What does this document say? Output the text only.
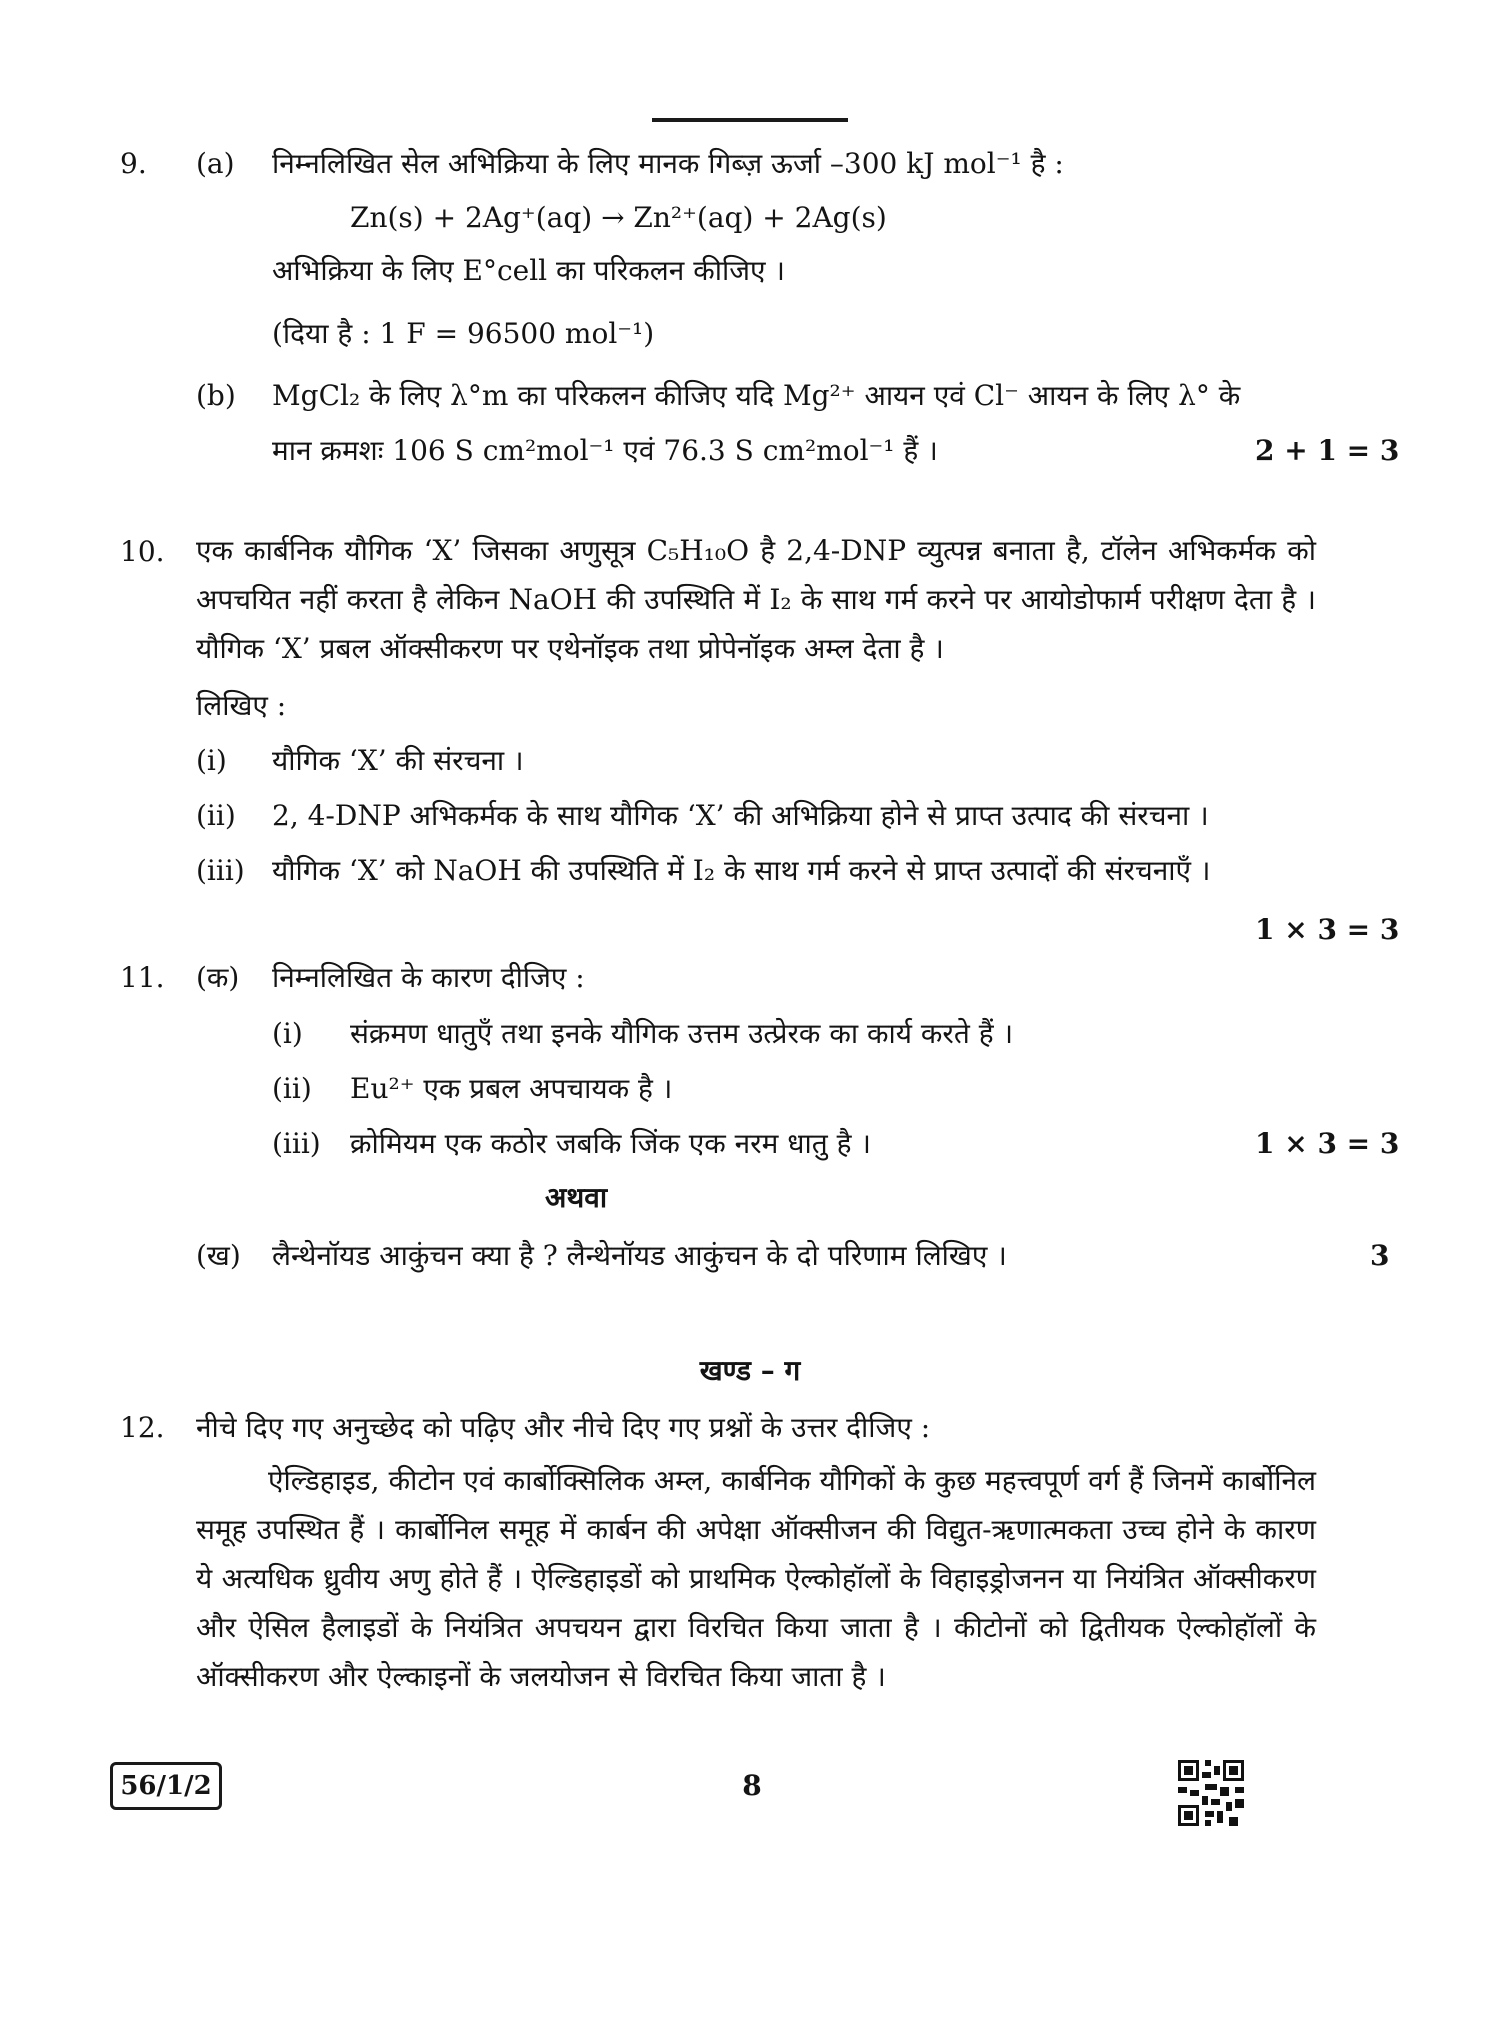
9. (a) निम्नलिखित सेल अभिक्रिया के लिए मानक गिब्ज़ ऊर्जा –300 kJ mol⁻¹ है :
Zn(s) + 2Ag⁺(aq) → Zn²⁺(aq) + 2Ag(s)
अभिक्रिया के लिए E°cell का परिकलन कीजिए ।
(दिया है : 1 F = 96500 mol⁻¹)
(b) MgCl₂ के लिए λ°m का परिकलन कीजिए यदि Mg²⁺ आयन एवं Cl⁻ आयन के लिए λ° के
मान क्रमशः 106 S cm²mol⁻¹ एवं 76.3 S cm²mol⁻¹ हैं ।	2 + 1 = 3
10. एक कार्बनिक यौगिक ‘X’ जिसका अणुसूत्र C₅H₁₀O है 2,4-DNP व्युत्पन्न बनाता है, टॉलेन अभिकर्मक को अपचयित नहीं करता है लेकिन NaOH की उपस्थिति में I₂ के साथ गर्म करने पर आयोडोफार्म परीक्षण देता है । यौगिक ‘X’ प्रबल ऑक्सीकरण पर एथेनॉइक तथा प्रोपेनॉइक अम्ल देता है ।
लिखिए :
(i) यौगिक ‘X’ की संरचना ।
(ii) 2, 4-DNP अभिकर्मक के साथ यौगिक ‘X’ की अभिक्रिया होने से प्राप्त उत्पाद की संरचना ।
(iii) यौगिक ‘X’ को NaOH की उपस्थिति में I₂ के साथ गर्म करने से प्राप्त उत्पादों की संरचनाएँ ।
1 × 3 = 3
11. (क) निम्नलिखित के कारण दीजिए :
(i) संक्रमण धातुएँ तथा इनके यौगिक उत्तम उत्प्रेरक का कार्य करते हैं ।
(ii) Eu²⁺ एक प्रबल अपचायक है ।
(iii) क्रोमियम एक कठोर जबकि जिंक एक नरम धातु है ।	1 × 3 = 3
अथवा
(ख) लैन्थेनॉयड आकुंचन क्या है ? लैन्थेनॉयड आकुंचन के दो परिणाम लिखिए ।	3
खण्ड – ग
12. नीचे दिए गए अनुच्छेद को पढ़िए और नीचे दिए गए प्रश्नों के उत्तर दीजिए :
ऐल्डिहाइड, कीटोन एवं कार्बोक्सिलिक अम्ल, कार्बनिक यौगिकों के कुछ महत्त्वपूर्ण वर्ग हैं जिनमें कार्बोनिल समूह उपस्थित हैं । कार्बोनिल समूह में कार्बन की अपेक्षा ऑक्सीजन की विद्युत-ऋणात्मकता उच्च होने के कारण ये अत्यधिक ध्रुवीय अणु होते हैं । ऐल्डिहाइडों को प्राथमिक ऐल्कोहॉलों के विहाइड्रोजनन या नियंत्रित ऑक्सीकरण और ऐसिल हैलाइडों के नियंत्रित अपचयन द्वारा विरचित किया जाता है । कीटोनों को द्वितीयक ऐल्कोहॉलों के ऑक्सीकरण और ऐल्काइनों के जलयोजन से विरचित किया जाता है ।
56/1/2	8
